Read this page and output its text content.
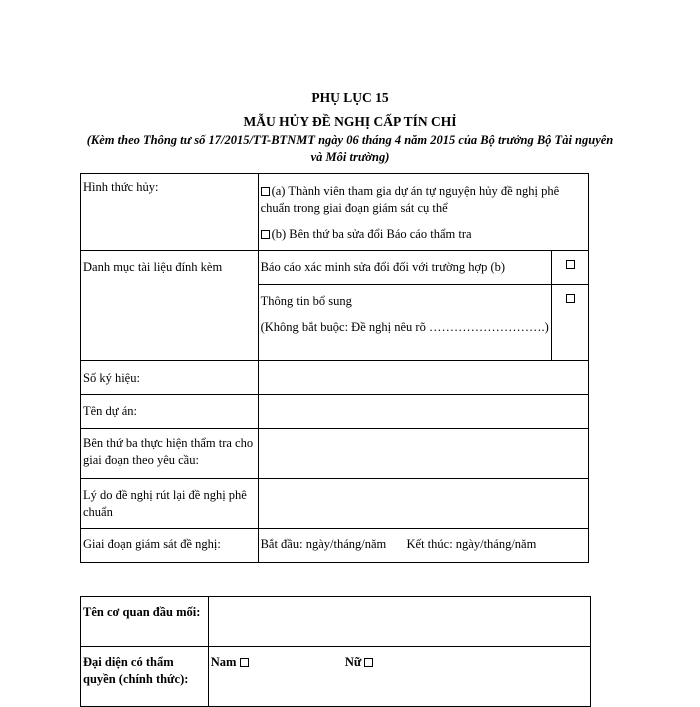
PHỤ LỤC 15
MẪU HỦY ĐỀ NGHỊ CẤP TÍN CHỈ
(Kèm theo Thông tư số 17/2015/TT-BTNMT ngày 06 tháng 4 năm 2015 của Bộ trưởng Bộ Tài nguyên và Môi trường)
Hình thức hủy:	(a) Thành viên tham gia dự án tự nguyện hủy đề nghị phê chuẩn trong giai đoạn giám sát cụ thể
(b) Bên thứ ba sửa đổi Báo cáo thẩm tra	

Danh mục tài liệu đính kèm	Báo cáo xác minh sửa đổi đối với trường hợp (b)	

	Thông tin bổ sung
(Không bắt buộc: Đề nghị nêu rõ ……………………….)	

Số ký hiệu:		

Tên dự án:		

Bên thứ ba thực hiện thẩm tra cho giai đoạn theo yêu cầu:		

Lý do đề nghị rút lại đề nghị phê chuẩn		

Giai đoạn giám sát đề nghị:	Bắt đầu: ngày/tháng/năm Kết thúc: ngày/tháng/năm	
Tên cơ quan đầu mối:	

Đại diện có thẩm quyền (chính thức):	Nam Nữ
